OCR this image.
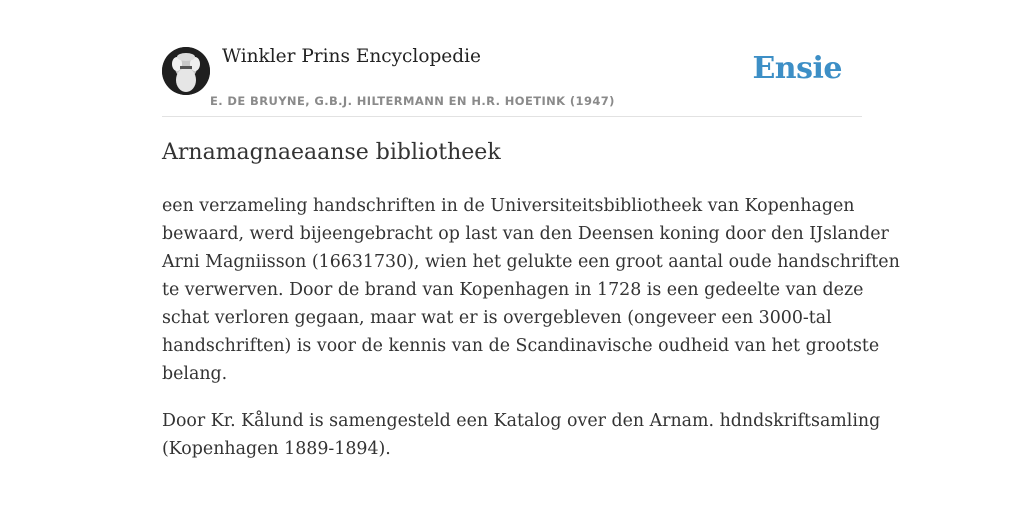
Winkler Prins Encyclopedie
E. DE BRUYNE, G.B.J. HILTERMANN EN H.R. HOETINK (1947)
Ensie
Arnamagnaeaanse bibliotheek

een verzameling handschriften in de Universiteitsbibliotheek van Kopenhagen
bewaard, werd bijeengebracht op last van den Deensen koning door den IJslander
Arni Magniisson (16631730), wien het gelukte een groot aantal oude handschriften
te verwerven. Door de brand van Kopenhagen in 1728 is een gedeelte van deze
schat verloren gegaan, maar wat er is overgebleven (ongeveer een 3000-tal
handschriften) is voor de kennis van de Scandinavische oudheid van het grootste
belang.

Door Kr. Kålund is samengesteld een Katalog over den Arnam. hdndskriftsamling
(Kopenhagen 1889-1894).
